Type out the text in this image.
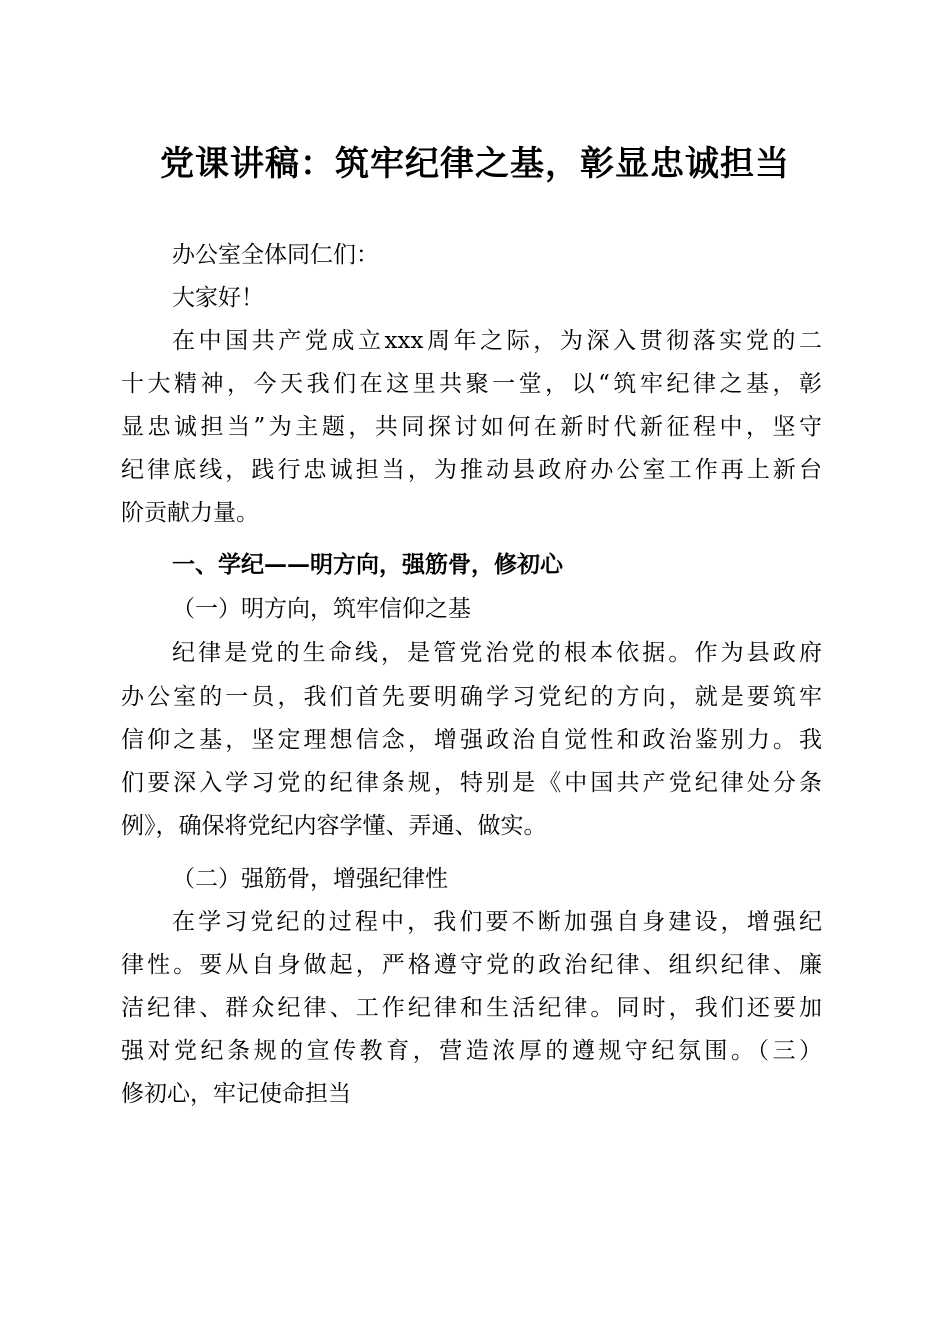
党课讲稿：筑牢纪律之基，彰显忠诚担当
办公室全体同仁们：
大家好！
在中国共产党成立xxx周年之际，为深入贯彻落实党的二
十大精神，今天我们在这里共聚一堂，以“筑牢纪律之基，彰
显忠诚担当”为主题，共同探讨如何在新时代新征程中，坚守
纪律底线，践行忠诚担当，为推动县政府办公室工作再上新台
阶贡献力量。
一、学纪——明方向，强筋骨，修初心
（一）明方向，筑牢信仰之基
纪律是党的生命线，是管党治党的根本依据。作为县政府
办公室的一员，我们首先要明确学习党纪的方向，就是要筑牢
信仰之基，坚定理想信念，增强政治自觉性和政治鉴别力。我
们要深入学习党的纪律条规，特别是《中国共产党纪律处分条
例》，确保将党纪内容学懂、弄通、做实。
（二）强筋骨，增强纪律性
在学习党纪的过程中，我们要不断加强自身建设，增强纪
律性。要从自身做起，严格遵守党的政治纪律、组织纪律、廉
洁纪律、群众纪律、工作纪律和生活纪律。同时，我们还要加
强对党纪条规的宣传教育，营造浓厚的遵规守纪氛围。（三）
修初心，牢记使命担当
